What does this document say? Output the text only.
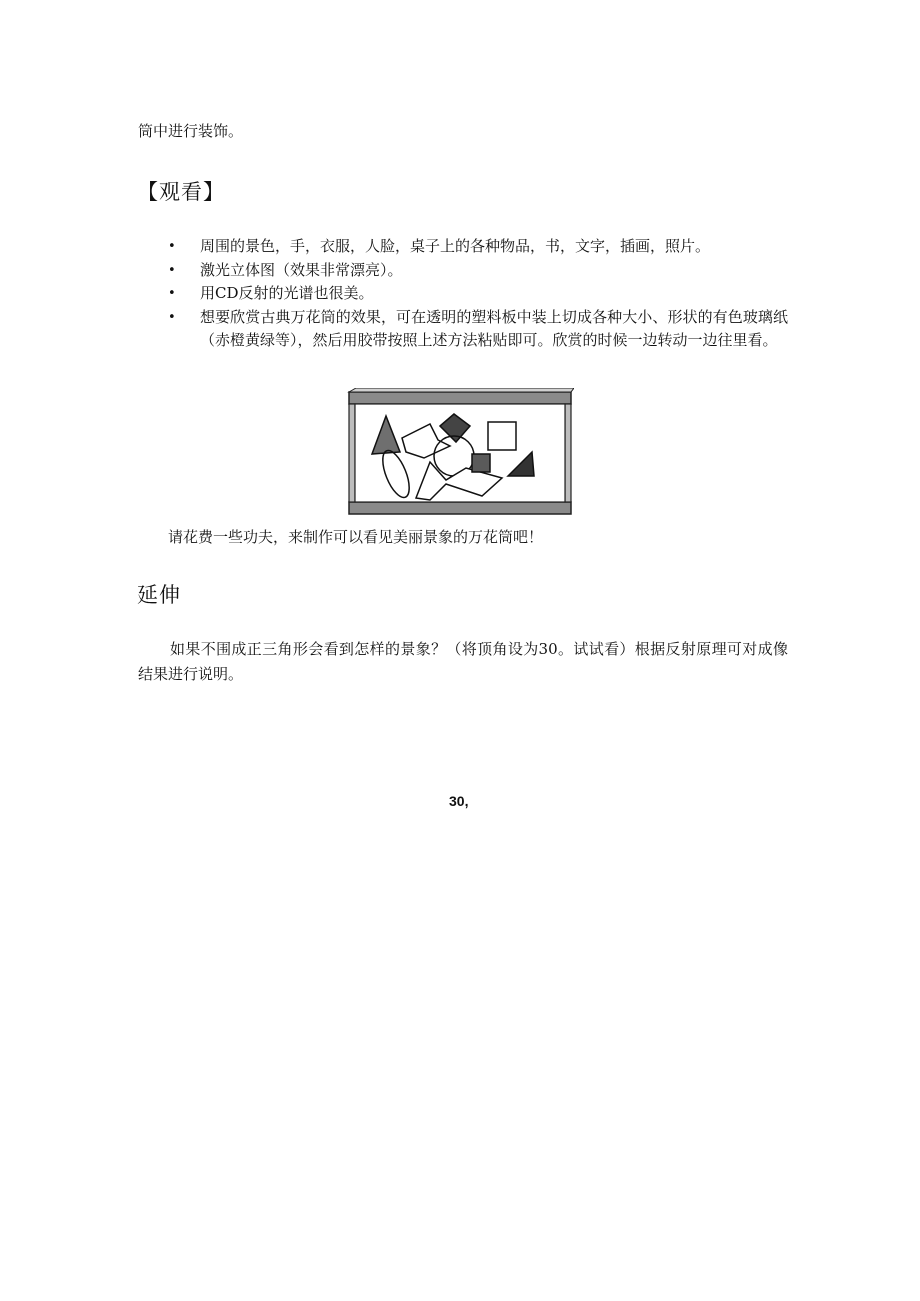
筒中进行装饰。
【观看】
• 周围的景色，手，衣服，人脸，桌子上的各种物品，书，文字，插画，照片。
• 激光立体图（效果非常漂亮）。
• 用CD反射的光谱也很美。
• 想要欣赏古典万花筒的效果，可在透明的塑料板中装上切成各种大小、形状的有色玻璃纸（赤橙黄绿等），然后用胶带按照上述方法粘贴即可。欣赏的时候一边转动一边往里看。
请花费一些功夫，来制作可以看见美丽景象的万花筒吧！
延伸
如果不围成正三角形会看到怎样的景象？（将顶角设为30。试试看）根据反射原理可对成像结果进行说明。
30,
